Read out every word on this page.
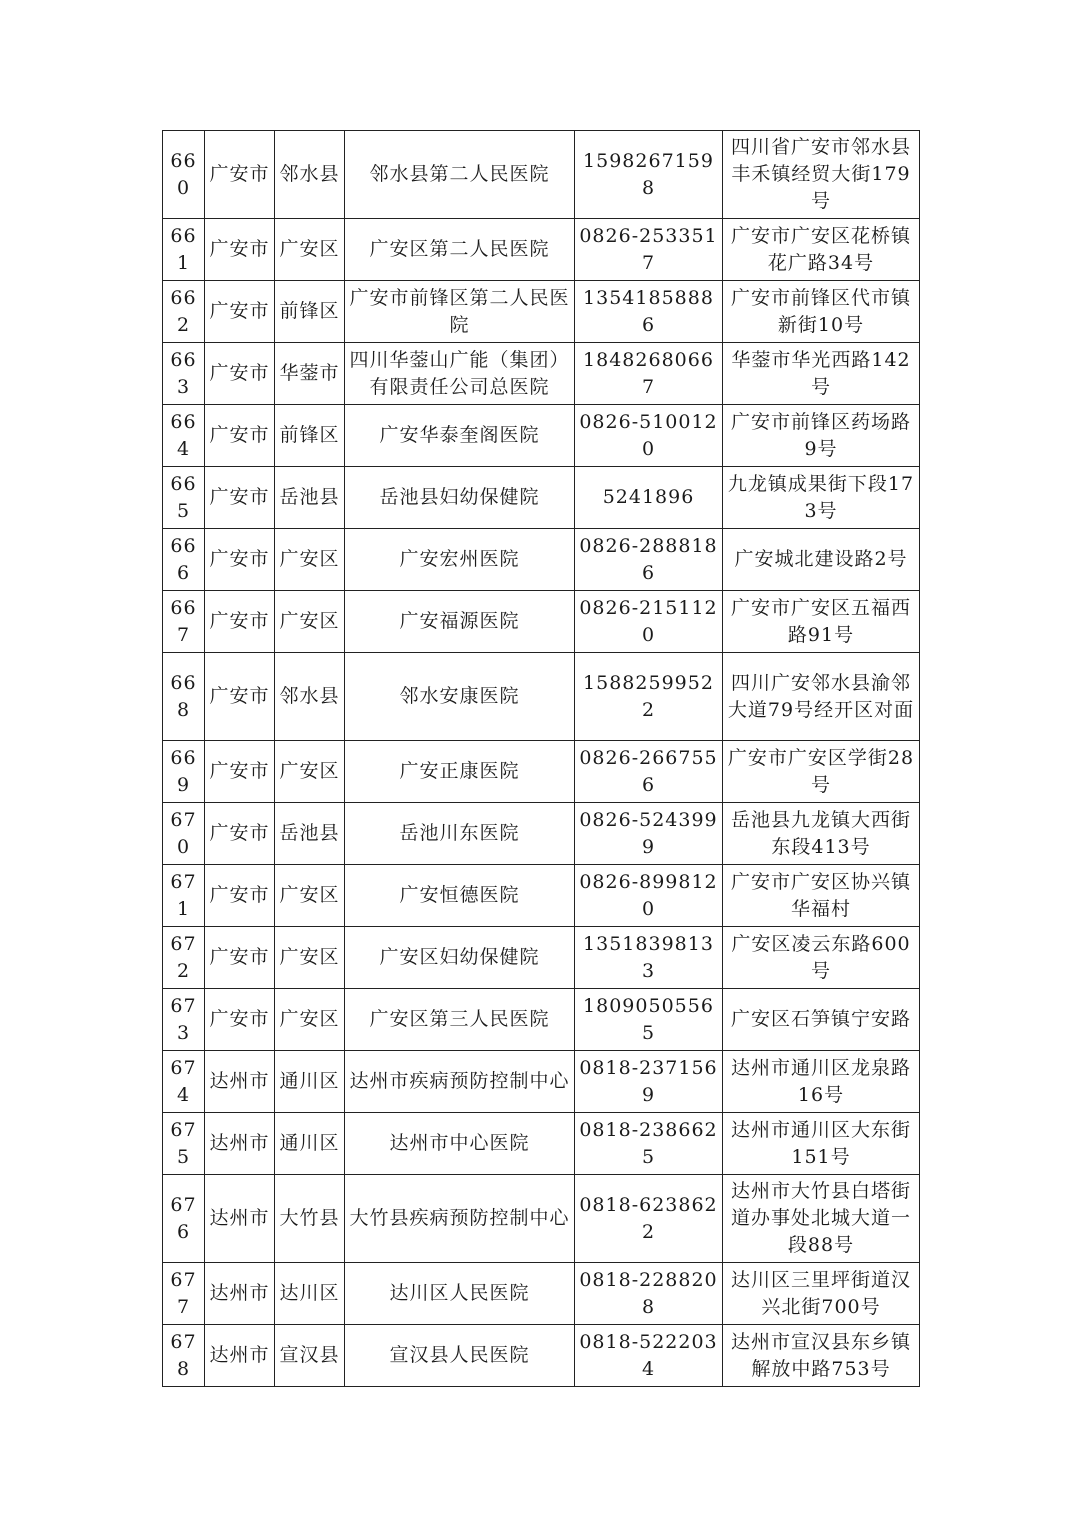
660	广安市	邻水县	邻水县第二人民医院	15982671598	四川省广安市邻水县丰禾镇经贸大街179号
661	广安市	广安区	广安区第二人民医院	0826-2533517	广安市广安区花桥镇花广路34号
662	广安市	前锋区	广安市前锋区第二人民医院	13541858886	广安市前锋区代市镇新街10号
663	广安市	华蓥市	四川华蓥山广能（集团）有限责任公司总医院	18482680667	华蓥市华光西路142号
664	广安市	前锋区	广安华泰奎阁医院	0826-5100120	广安市前锋区药场路9号
665	广安市	岳池县	岳池县妇幼保健院	5241896	九龙镇成果街下段173号
666	广安市	广安区	广安宏州医院	0826-2888186	广安城北建设路2号
667	广安市	广安区	广安福源医院	0826-2151120	广安市广安区五福西路91号
668	广安市	邻水县	邻水安康医院	15882599522	四川广安邻水县渝邻大道79号经开区对面
669	广安市	广安区	广安正康医院	0826-2667556	广安市广安区学街28号
670	广安市	岳池县	岳池川东医院	0826-5243999	岳池县九龙镇大西街东段413号
671	广安市	广安区	广安恒德医院	0826-8998120	广安市广安区协兴镇华福村
672	广安市	广安区	广安区妇幼保健院	13518398133	广安区凌云东路600号
673	广安市	广安区	广安区第三人民医院	18090505565	广安区石笋镇宁安路
674	达州市	通川区	达州市疾病预防控制中心	0818-2371569	达州市通川区龙泉路16号
675	达州市	通川区	达州市中心医院	0818-2386625	达州市通川区大东街151号
676	达州市	大竹县	大竹县疾病预防控制中心	0818-6238622	达州市大竹县白塔街道办事处北城大道一段88号
677	达州市	达川区	达川区人民医院	0818-2288208	达川区三里坪街道汉兴北街700号
678	达州市	宣汉县	宣汉县人民医院	0818-5222034	达州市宣汉县东乡镇解放中路753号
